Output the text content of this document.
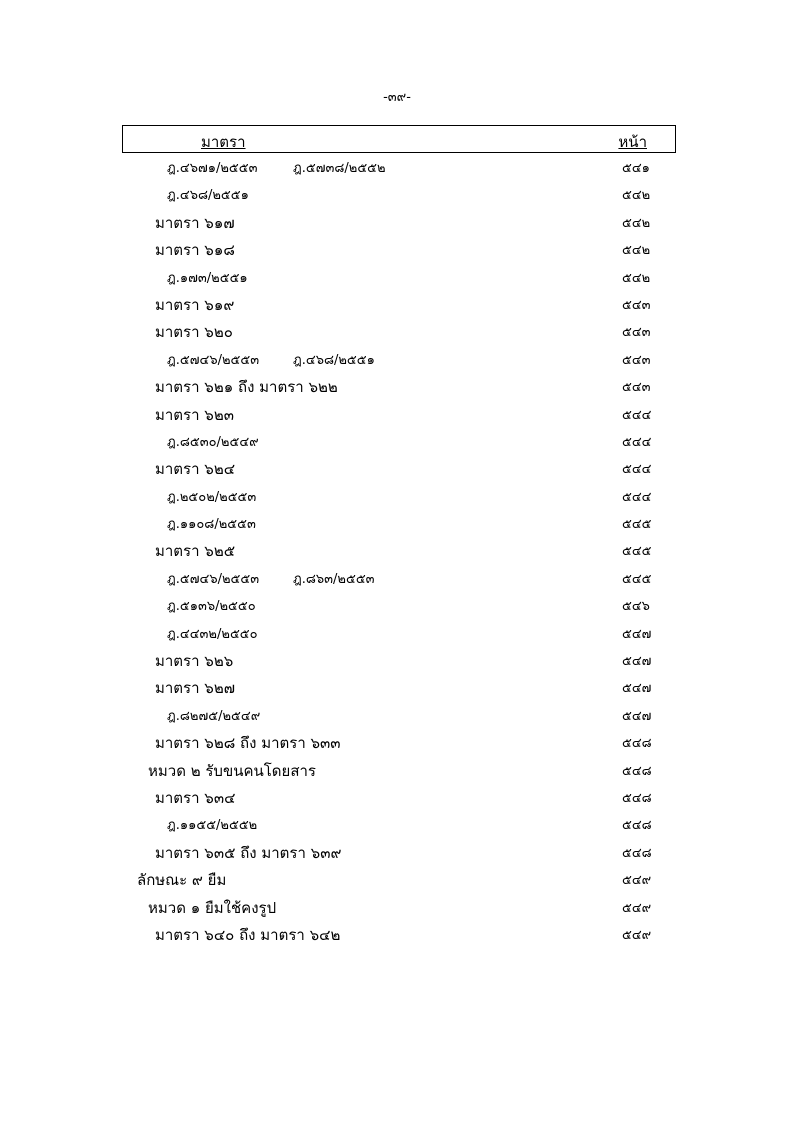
-๓๙-
มาตรา	หน้า
ฎ.๔๖๗๑/๒๕๕๓	ฎ.๕๗๓๘/๒๕๕๒	๕๔๑
ฎ.๔๖๘/๒๕๕๑	๕๔๒
มาตรา ๖๑๗	๕๔๒
มาตรา ๖๑๘	๕๔๒
ฎ.๑๗๓/๒๕๕๑	๕๔๒
มาตรา ๖๑๙	๕๔๓
มาตรา ๖๒๐	๕๔๓
ฎ.๕๗๔๖/๒๕๕๓	ฎ.๔๖๘/๒๕๕๑	๕๔๓
มาตรา ๖๒๑ ถึง มาตรา ๖๒๒	๕๔๓
มาตรา ๖๒๓	๕๔๔
ฎ.๘๕๓๐/๒๕๔๙	๕๔๔
มาตรา ๖๒๔	๕๔๔
ฎ.๒๕๐๒/๒๕๕๓	๕๔๔
ฎ.๑๑๐๘/๒๕๕๓	๕๔๕
มาตรา ๖๒๕	๕๔๕
ฎ.๕๗๔๖/๒๕๕๓	ฎ.๘๖๓/๒๕๕๓	๕๔๕
ฎ.๕๑๓๖/๒๕๕๐	๕๔๖
ฎ.๔๔๓๒/๒๕๕๐	๕๔๗
มาตรา ๖๒๖	๕๔๗
มาตรา ๖๒๗	๕๔๗
ฎ.๘๒๗๕/๒๕๔๙	๕๔๗
มาตรา ๖๒๘ ถึง มาตรา ๖๓๓	๕๔๘
หมวด ๒ รับขนคนโดยสาร	๕๔๘
มาตรา ๖๓๔	๕๔๘
ฎ.๑๑๕๕/๒๕๕๒	๕๔๘
มาตรา ๖๓๕ ถึง มาตรา ๖๓๙	๕๔๘
ลักษณะ ๙ ยืม	๕๔๙
หมวด ๑ ยืมใช้คงรูป	๕๔๙
มาตรา ๖๔๐ ถึง มาตรา ๖๔๒	๕๔๙
